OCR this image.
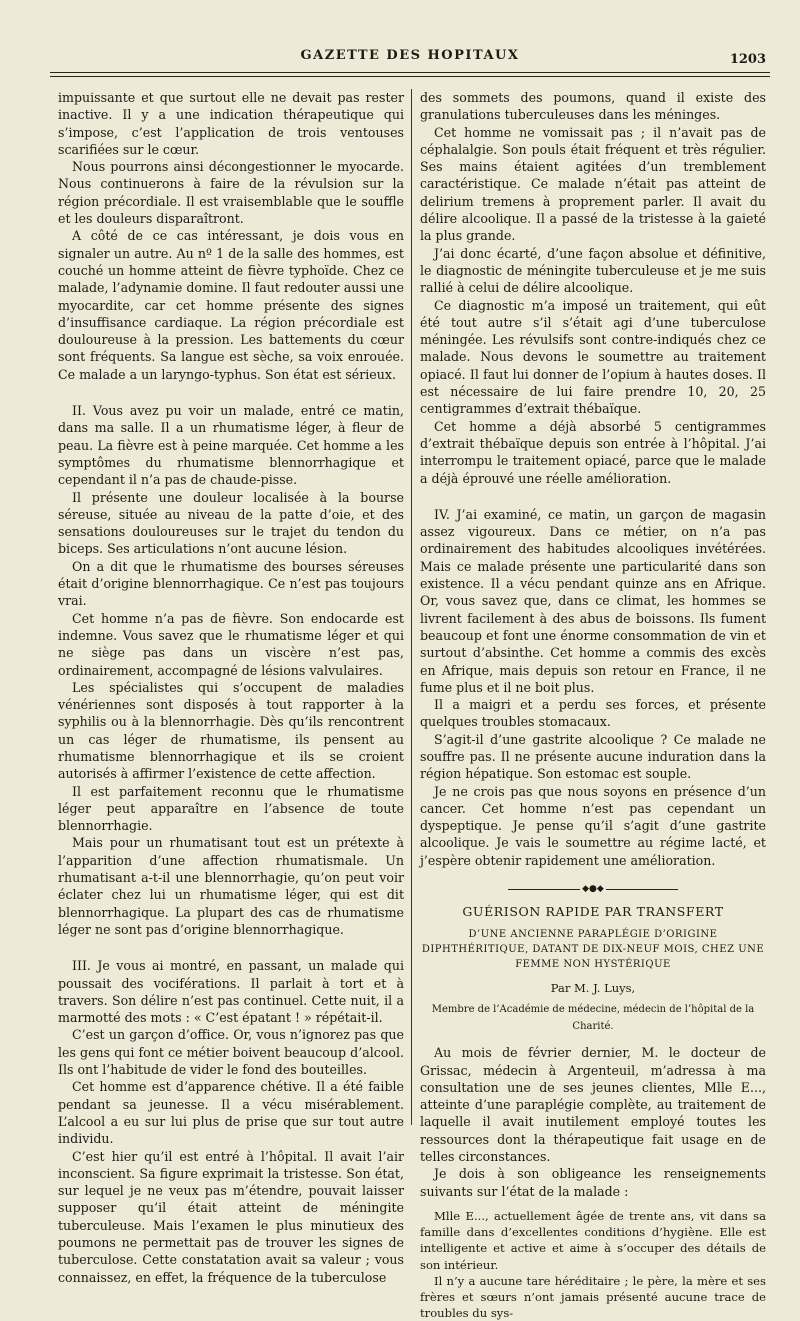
GAZETTE DES HOPITAUX	1203

impuissante et que surtout elle ne devait pas rester inactive. Il y a une indication thérapeutique qui s’impose, c’est l’application de trois ventouses scarifiées sur le cœur.

Nous pourrons ainsi décongestionner le myocarde. Nous continuerons à faire de la révulsion sur la région précordiale. Il est vraisemblable que le souffle et les douleurs disparaîtront.

A côté de ce cas intéressant, je dois vous en signaler un autre. Au nº 1 de la salle des hommes, est couché un homme atteint de fièvre typhoïde. Chez ce malade, l’adynamie domine. Il faut redouter aussi une myocardite, car cet homme présente des signes d’insuffisance cardiaque. La région précordiale est douloureuse à la pression. Les battements du cœur sont fréquents. Sa langue est sèche, sa voix enrouée. Ce malade a un laryngo-typhus. Son état est sérieux.

II. Vous avez pu voir un malade, entré ce matin, dans ma salle. Il a un rhumatisme léger, à fleur de peau. La fièvre est à peine marquée. Cet homme a les symptômes du rhumatisme blennorrhagique et cependant il n’a pas de chaude-pisse.

Il présente une douleur localisée à la bourse séreuse, située au niveau de la patte d’oie, et des sensations douloureuses sur le trajet du tendon du biceps. Ses articulations n’ont aucune lésion.

On a dit que le rhumatisme des bourses séreuses était d’origine blennorrhagique. Ce n’est pas toujours vrai.

Cet homme n’a pas de fièvre. Son endocarde est indemne. Vous savez que le rhumatisme léger et qui ne siège pas dans un viscère n’est pas, ordinairement, accompagné de lésions valvulaires.

Les spécialistes qui s’occupent de maladies vénériennes sont disposés à tout rapporter à la syphilis ou à la blennorrhagie. Dès qu’ils rencontrent un cas léger de rhumatisme, ils pensent au rhumatisme blennorrhagique et ils se croient autorisés à affirmer l’existence de cette affection.

Il est parfaitement reconnu que le rhumatisme léger peut apparaître en l’absence de toute blennorrhagie.

Mais pour un rhumatisant tout est un prétexte à l’apparition d’une affection rhumatismale. Un rhumatisant a-t-il une blennorrhagie, qu’on peut voir éclater chez lui un rhumatisme léger, qui est dit blennorrhagique. La plupart des cas de rhumatisme léger ne sont pas d’origine blennorrhagique.

III. Je vous ai montré, en passant, un malade qui poussait des vociférations. Il parlait à tort et à travers. Son délire n’est pas continuel. Cette nuit, il a marmotté des mots : « C’est épatant ! » répétait-il.

C’est un garçon d’office. Or, vous n’ignorez pas que les gens qui font ce métier boivent beaucoup d’alcool. Ils ont l’habitude de vider le fond des bouteilles.

Cet homme est d’apparence chétive. Il a été faible pendant sa jeunesse. Il a vécu misérablement. L’alcool a eu sur lui plus de prise que sur tout autre individu.

C’est hier qu’il est entré à l’hôpital. Il avait l’air inconscient. Sa figure exprimait la tristesse. Son état, sur lequel je ne veux pas m’étendre, pouvait laisser supposer qu’il était atteint de méningite tuberculeuse. Mais l’examen le plus minutieux des poumons ne permettait pas de trouver les signes de tuberculose. Cette constatation avait sa valeur ; vous connaissez, en effet, la fréquence de la tuberculose

des sommets des poumons, quand il existe des granulations tuberculeuses dans les méninges.

Cet homme ne vomissait pas ; il n’avait pas de céphalalgie. Son pouls était fréquent et très régulier. Ses mains étaient agitées d’un tremblement caractéristique. Ce malade n’était pas atteint de delirium tremens à proprement parler. Il avait du délire alcoolique. Il a passé de la tristesse à la gaieté la plus grande.

J’ai donc écarté, d’une façon absolue et définitive, le diagnostic de méningite tuberculeuse et je me suis rallié à celui de délire alcoolique.

Ce diagnostic m’a imposé un traitement, qui eût été tout autre s’il s’était agi d’une tuberculose méningée. Les révulsifs sont contre-indiqués chez ce malade. Nous devons le soumettre au traitement opiacé. Il faut lui donner de l’opium à hautes doses. Il est nécessaire de lui faire prendre 10, 20, 25 centigrammes d’extrait thébaïque.

Cet homme a déjà absorbé 5 centigrammes d’extrait thébaïque depuis son entrée à l’hôpital. J’ai interrompu le traitement opiacé, parce que le malade a déjà éprouvé une réelle amélioration.

IV. J’ai examiné, ce matin, un garçon de magasin assez vigoureux. Dans ce métier, on n’a pas ordinairement des habitudes alcooliques invétérées. Mais ce malade présente une particularité dans son existence. Il a vécu pendant quinze ans en Afrique. Or, vous savez que, dans ce climat, les hommes se livrent facilement à des abus de boissons. Ils fument beaucoup et font une énorme consommation de vin et surtout d’absinthe. Cet homme a commis des excès en Afrique, mais depuis son retour en France, il ne fume plus et il ne boit plus.

Il a maigri et a perdu ses forces, et présente quelques troubles stomacaux.

S’agit-il d’une gastrite alcoolique ? Ce malade ne souffre pas. Il ne présente aucune induration dans la région hépatique. Son estomac est souple.

Je ne crois pas que nous soyons en présence d’un cancer. Cet homme n’est pas cependant un dyspeptique. Je pense qu’il s’agit d’une gastrite alcoolique. Je vais le soumettre au régime lacté, et j’espère obtenir rapidement une amélioration.

◆●◆
GUÉRISON RAPIDE PAR TRANSFERT
D’UNE ANCIENNE PARAPLÉGIE D’ORIGINE DIPHTHÉRITIQUE, DATANT DE DIX-NEUF MOIS, CHEZ UNE FEMME NON HYSTÉRIQUE
Par M. J. Luys,
Membre de l’Académie de médecine, médecin de l’hôpital de la Charité.

Au mois de février dernier, M. le docteur de Grissac, médecin à Argenteuil, m’adressa à ma consultation une de ses jeunes clientes, Mlle E..., atteinte d’une paraplégie complète, au traitement de laquelle il avait inutilement employé toutes les ressources dont la thérapeutique fait usage en de telles circonstances.

Je dois à son obligeance les renseignements suivants sur l’état de la malade :

Mlle E..., actuellement âgée de trente ans, vit dans sa famille dans d’excellentes conditions d’hygiène. Elle est intelligente et active et aime à s’occuper des détails de son intérieur.

Il n’y a aucune tare héréditaire ; le père, la mère et ses frères et sœurs n’ont jamais présenté aucune trace de troubles du sys-
